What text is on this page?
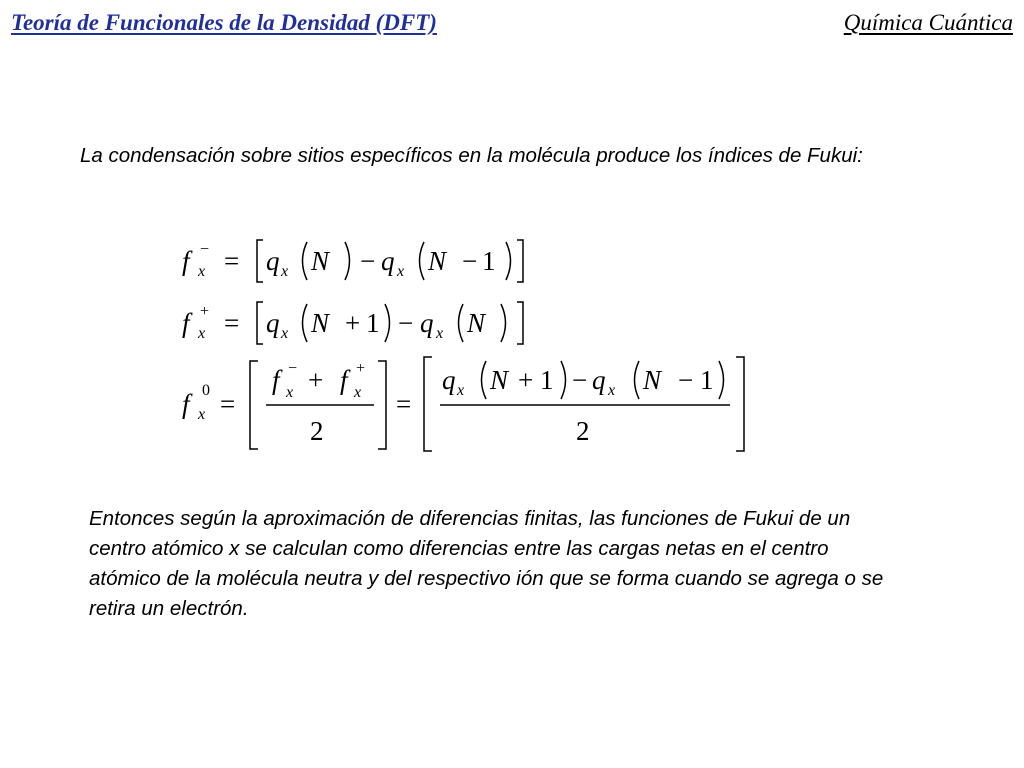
Teoría de Funcionales de la Densidad (DFT)	Química Cuántica

La condensación sobre sitios específicos en la molécula produce los índices de Fukui:

f x
− = q x N − q x N − 1
f x
+ = q x N + 1 − q x N
f x
0 =
f x
− + f x
+
2
=
q x N + 1 − q x N − 1
2

Entonces según la aproximación de diferencias finitas, las funciones de Fukui de un centro atómico x se calculan como diferencias entre las cargas netas en el centro atómico de la molécula neutra y del respectivo ión que se forma cuando se agrega o se retira un electrón.
